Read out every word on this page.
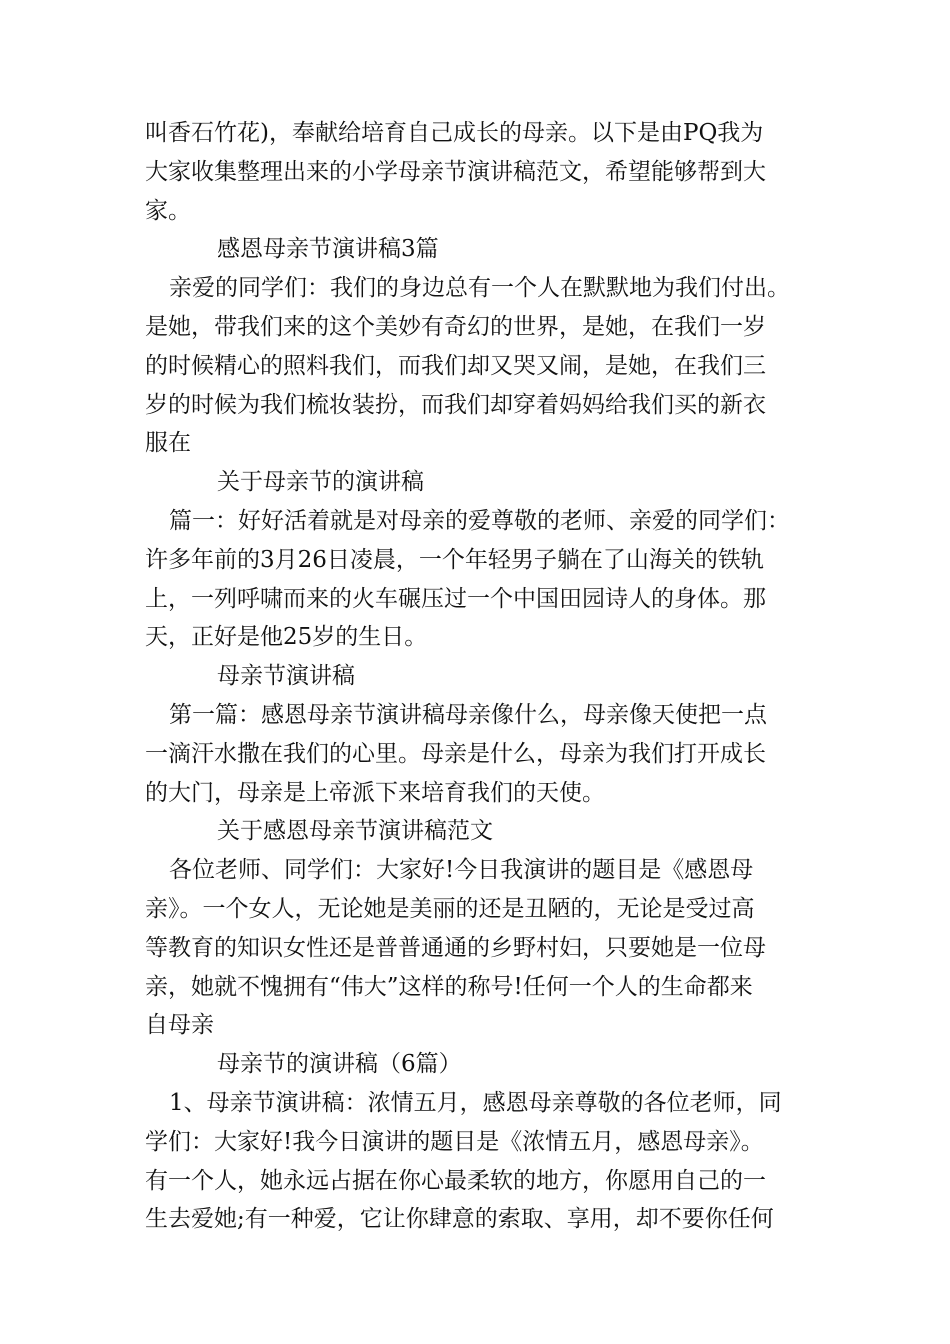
叫香石竹花)，奉献给培育自己成长的母亲。以下是由PQ我为
大家收集整理出来的小学母亲节演讲稿范文，希望能够帮到大
家。
感恩母亲节演讲稿3篇
亲爱的同学们：我们的身边总有一个人在默默地为我们付出。
是她，带我们来的这个美妙有奇幻的世界，是她，在我们一岁
的时候精心的照料我们，而我们却又哭又闹，是她，在我们三
岁的时候为我们梳妆装扮，而我们却穿着妈妈给我们买的新衣
服在
关于母亲节的演讲稿
篇一：好好活着就是对母亲的爱尊敬的老师、亲爱的同学们：
许多年前的3月26日凌晨，一个年轻男子躺在了山海关的铁轨
上，一列呼啸而来的火车碾压过一个中国田园诗人的身体。那
天，正好是他25岁的生日。
母亲节演讲稿
第一篇：感恩母亲节演讲稿母亲像什么，母亲像天使把一点
一滴汗水撒在我们的心里。母亲是什么，母亲为我们打开成长
的大门，母亲是上帝派下来培育我们的天使。
关于感恩母亲节演讲稿范文
各位老师、同学们：大家好!今日我演讲的题目是《感恩母
亲》。一个女人，无论她是美丽的还是丑陋的，无论是受过高
等教育的知识女性还是普普通通的乡野村妇，只要她是一位母
亲，她就不愧拥有“伟大”这样的称号!任何一个人的生命都来
自母亲
母亲节的演讲稿（6篇）
1、母亲节演讲稿：浓情五月，感恩母亲尊敬的各位老师，同
学们：大家好!我今日演讲的题目是《浓情五月，感恩母亲》。
有一个人，她永远占据在你心最柔软的地方，你愿用自己的一
生去爱她;有一种爱，它让你肆意的索取、享用，却不要你任何
